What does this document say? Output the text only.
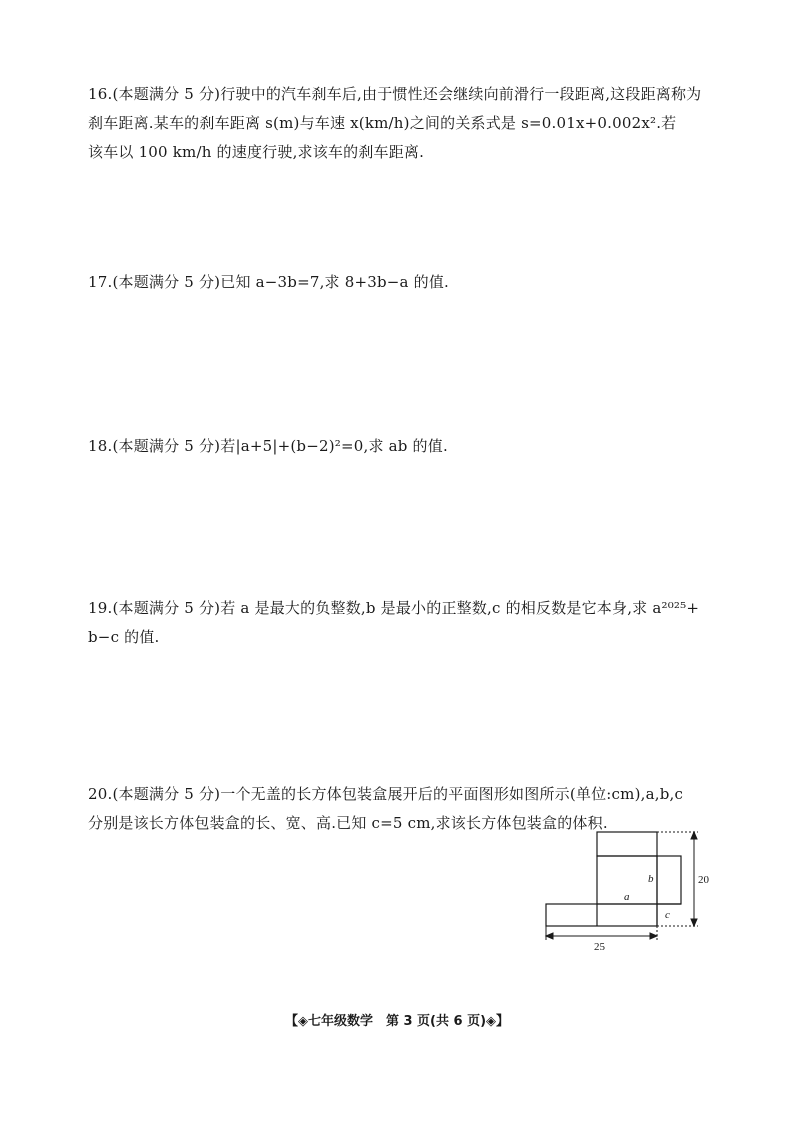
16.(本题满分 5 分)行驶中的汽车刹车后,由于惯性还会继续向前滑行一段距离,这段距离称为
刹车距离.某车的刹车距离 s(m)与车速 x(km/h)之间的关系式是 s=0.01x+0.002x².若
该车以 100 km/h 的速度行驶,求该车的刹车距离.
17.(本题满分 5 分)已知 a−3b=7,求 8+3b−a 的值.
18.(本题满分 5 分)若|a+5|+(b−2)²=0,求 ab 的值.
19.(本题满分 5 分)若 a 是最大的负整数,b 是最小的正整数,c 的相反数是它本身,求 a²⁰²⁵+
b−c 的值.
20.(本题满分 5 分)一个无盖的长方体包装盒展开后的平面图形如图所示(单位:cm),a,b,c
分别是该长方体包装盒的长、宽、高.已知 c=5 cm,求该长方体包装盒的体积.
a
b
c
20
25
【◈七年级数学　第 3 页(共 6 页)◈】
